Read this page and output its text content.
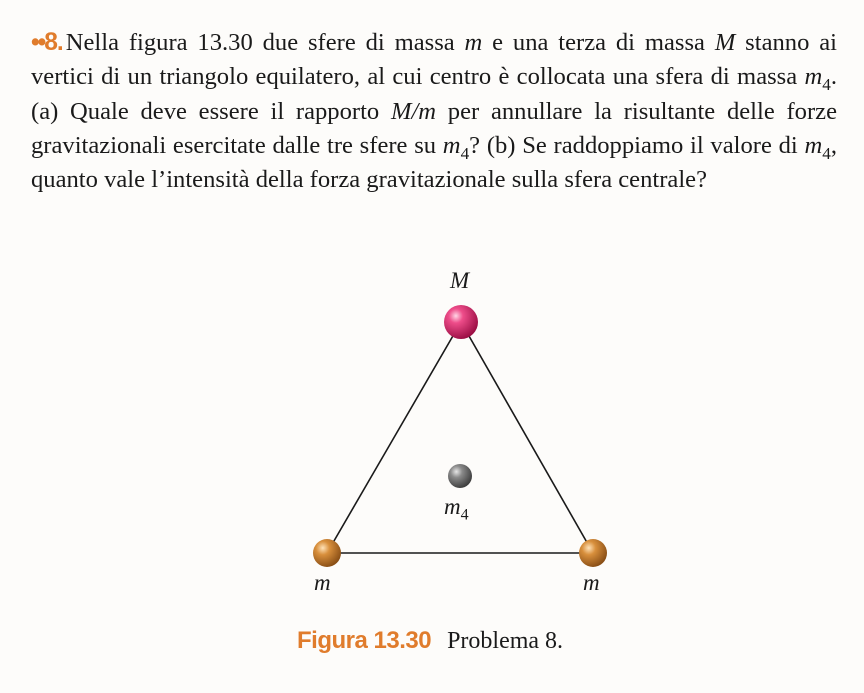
••8. Nella figura 13.30 due sfere di massa m e una terza di massa M stanno ai vertici di un triangolo equilatero, al cui centro è collocata una sfera di massa $m_4$. (a) Quale deve essere il rapporto M/m per annullare la risultante delle forze gravitazionali esercitate dalle tre sfere su $m_4$? (b) Se raddoppiamo il valore di $m_4$, quanto vale l’intensità della forza gravitazionale sulla sfera centrale?
M
$m_4$
m	m
Figura 13.30 Problema 8.
